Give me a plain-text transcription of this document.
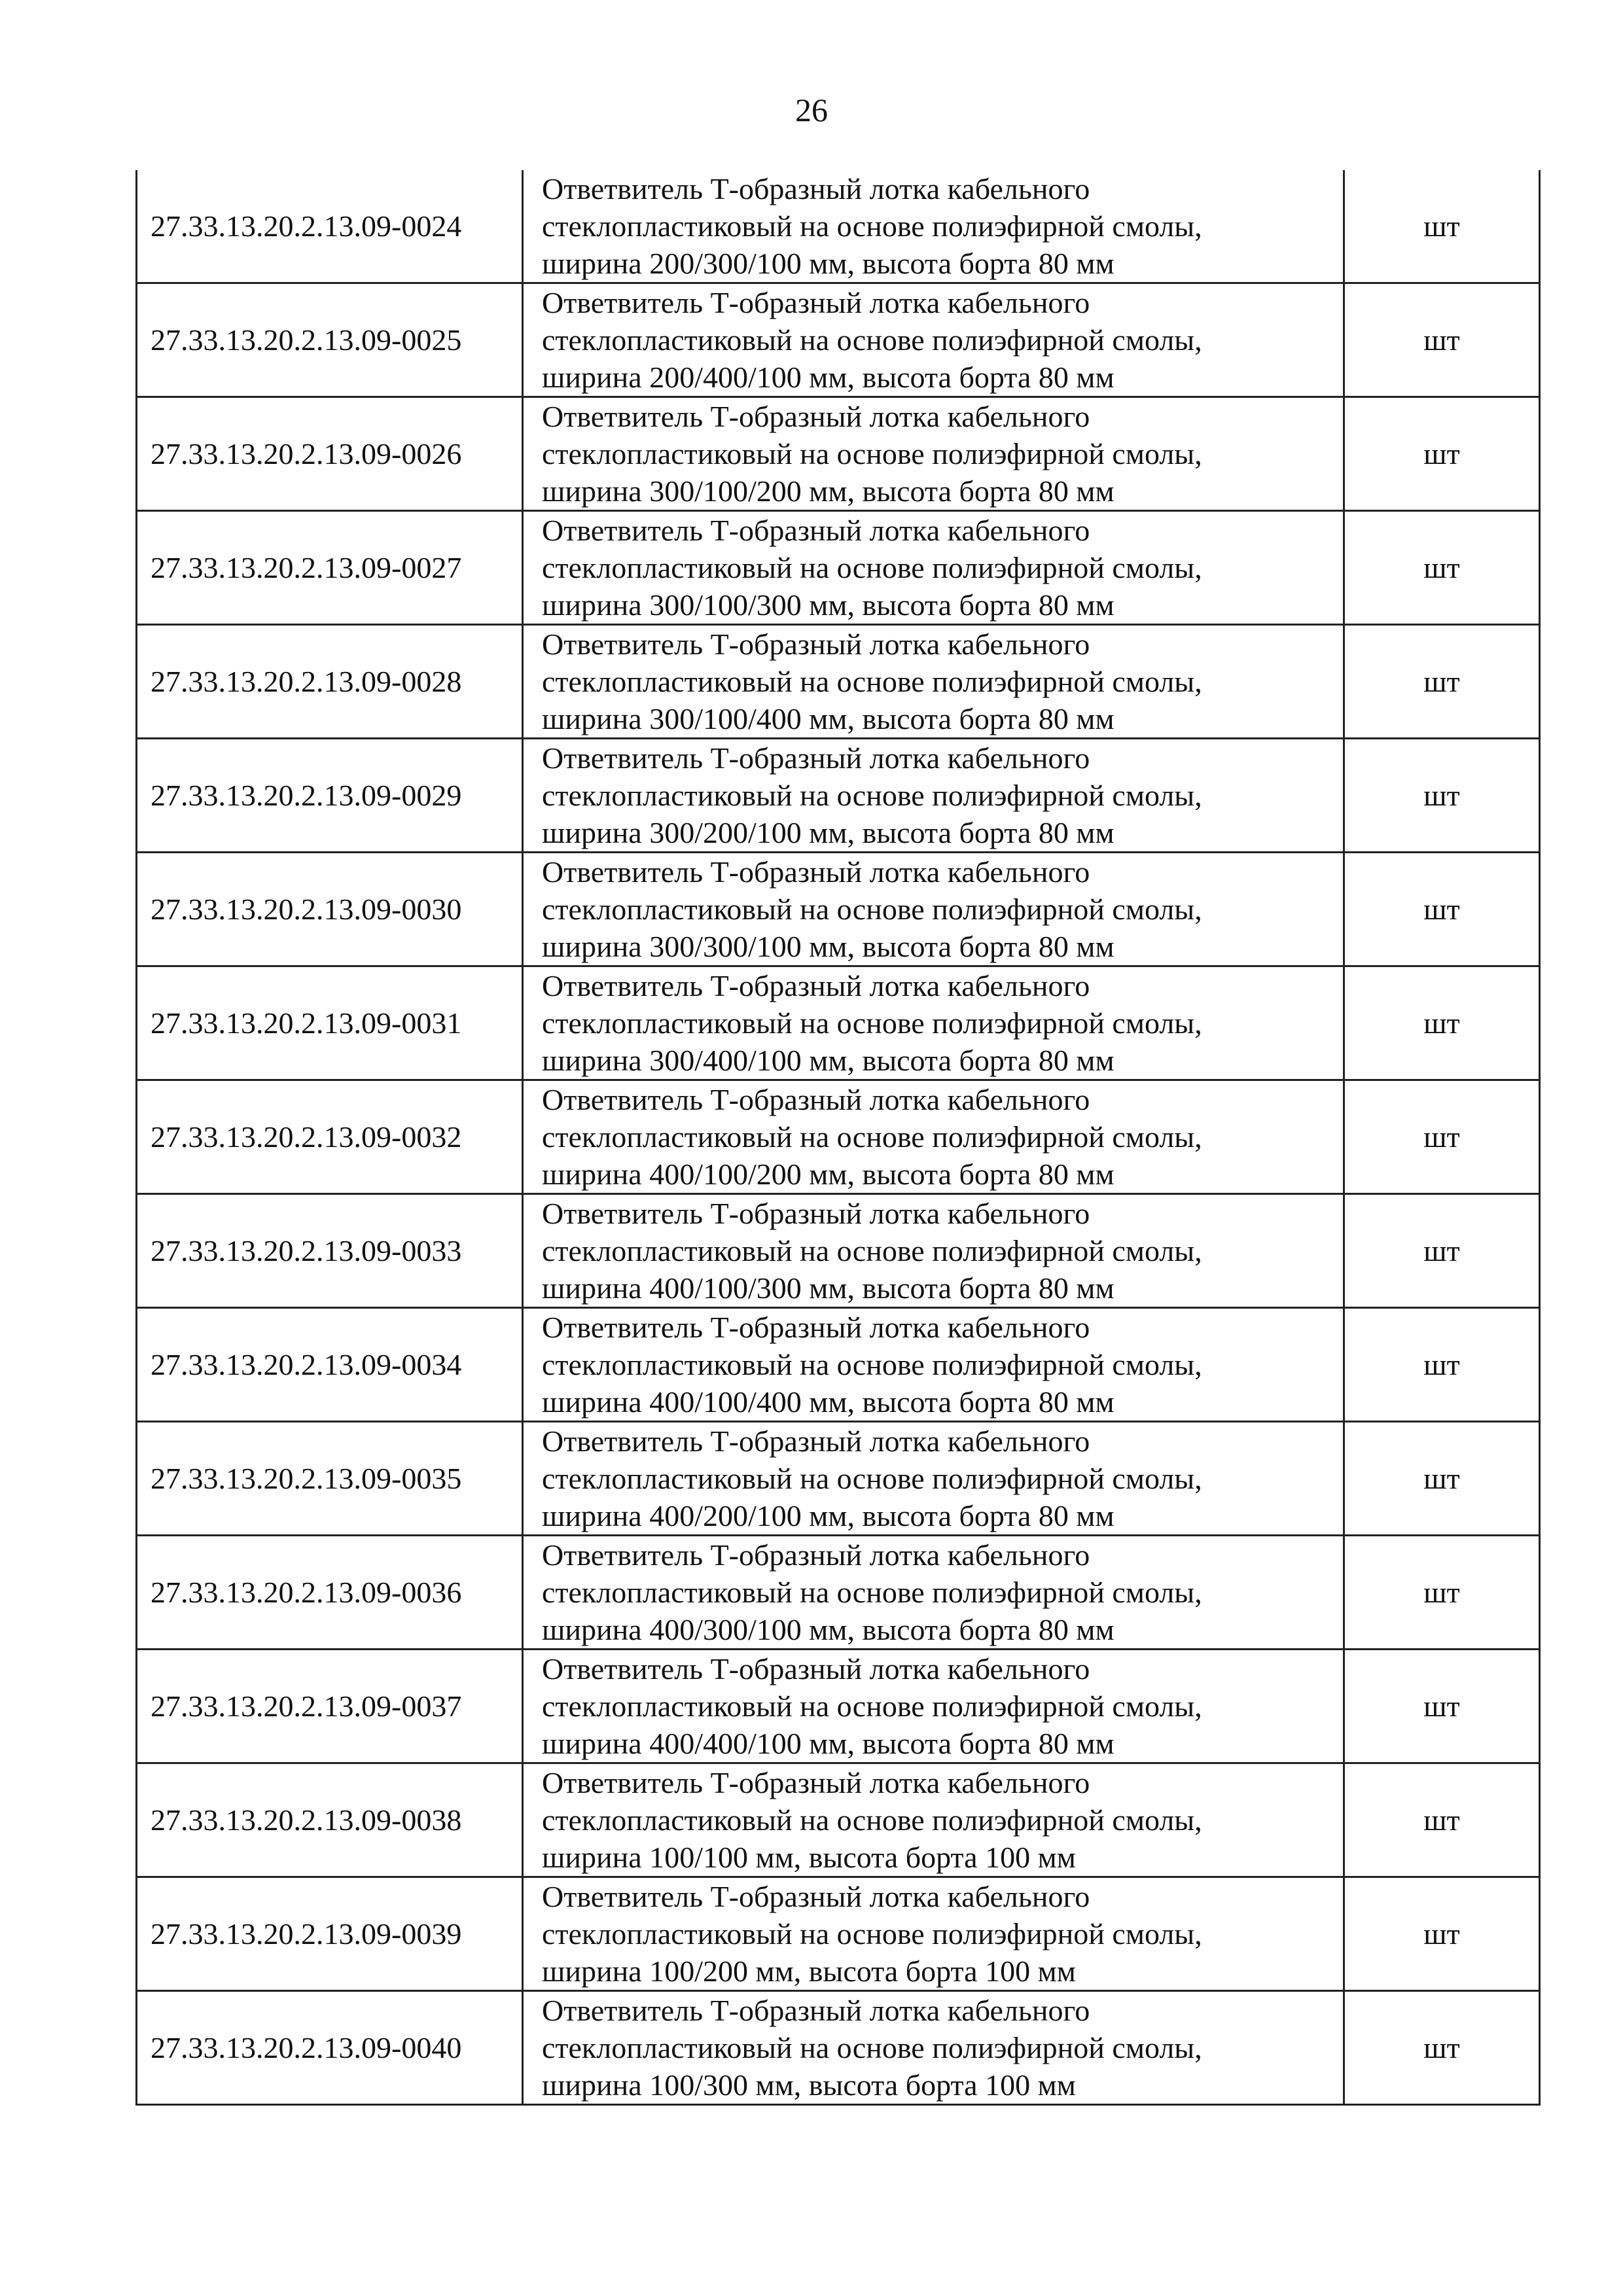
26
27.33.13.20.2.13.09-0024	Ответвитель Т-образный лотка кабельного
стеклопластиковый на основе полиэфирной смолы,
ширина 200/300/100 мм, высота борта 80 мм	шт
27.33.13.20.2.13.09-0025	Ответвитель Т-образный лотка кабельного
стеклопластиковый на основе полиэфирной смолы,
ширина 200/400/100 мм, высота борта 80 мм	шт
27.33.13.20.2.13.09-0026	Ответвитель Т-образный лотка кабельного
стеклопластиковый на основе полиэфирной смолы,
ширина 300/100/200 мм, высота борта 80 мм	шт
27.33.13.20.2.13.09-0027	Ответвитель Т-образный лотка кабельного
стеклопластиковый на основе полиэфирной смолы,
ширина 300/100/300 мм, высота борта 80 мм	шт
27.33.13.20.2.13.09-0028	Ответвитель Т-образный лотка кабельного
стеклопластиковый на основе полиэфирной смолы,
ширина 300/100/400 мм, высота борта 80 мм	шт
27.33.13.20.2.13.09-0029	Ответвитель Т-образный лотка кабельного
стеклопластиковый на основе полиэфирной смолы,
ширина 300/200/100 мм, высота борта 80 мм	шт
27.33.13.20.2.13.09-0030	Ответвитель Т-образный лотка кабельного
стеклопластиковый на основе полиэфирной смолы,
ширина 300/300/100 мм, высота борта 80 мм	шт
27.33.13.20.2.13.09-0031	Ответвитель Т-образный лотка кабельного
стеклопластиковый на основе полиэфирной смолы,
ширина 300/400/100 мм, высота борта 80 мм	шт
27.33.13.20.2.13.09-0032	Ответвитель Т-образный лотка кабельного
стеклопластиковый на основе полиэфирной смолы,
ширина 400/100/200 мм, высота борта 80 мм	шт
27.33.13.20.2.13.09-0033	Ответвитель Т-образный лотка кабельного
стеклопластиковый на основе полиэфирной смолы,
ширина 400/100/300 мм, высота борта 80 мм	шт
27.33.13.20.2.13.09-0034	Ответвитель Т-образный лотка кабельного
стеклопластиковый на основе полиэфирной смолы,
ширина 400/100/400 мм, высота борта 80 мм	шт
27.33.13.20.2.13.09-0035	Ответвитель Т-образный лотка кабельного
стеклопластиковый на основе полиэфирной смолы,
ширина 400/200/100 мм, высота борта 80 мм	шт
27.33.13.20.2.13.09-0036	Ответвитель Т-образный лотка кабельного
стеклопластиковый на основе полиэфирной смолы,
ширина 400/300/100 мм, высота борта 80 мм	шт
27.33.13.20.2.13.09-0037	Ответвитель Т-образный лотка кабельного
стеклопластиковый на основе полиэфирной смолы,
ширина 400/400/100 мм, высота борта 80 мм	шт
27.33.13.20.2.13.09-0038	Ответвитель Т-образный лотка кабельного
стеклопластиковый на основе полиэфирной смолы,
ширина 100/100 мм, высота борта 100 мм	шт
27.33.13.20.2.13.09-0039	Ответвитель Т-образный лотка кабельного
стеклопластиковый на основе полиэфирной смолы,
ширина 100/200 мм, высота борта 100 мм	шт
27.33.13.20.2.13.09-0040	Ответвитель Т-образный лотка кабельного
стеклопластиковый на основе полиэфирной смолы,
ширина 100/300 мм, высота борта 100 мм	шт
